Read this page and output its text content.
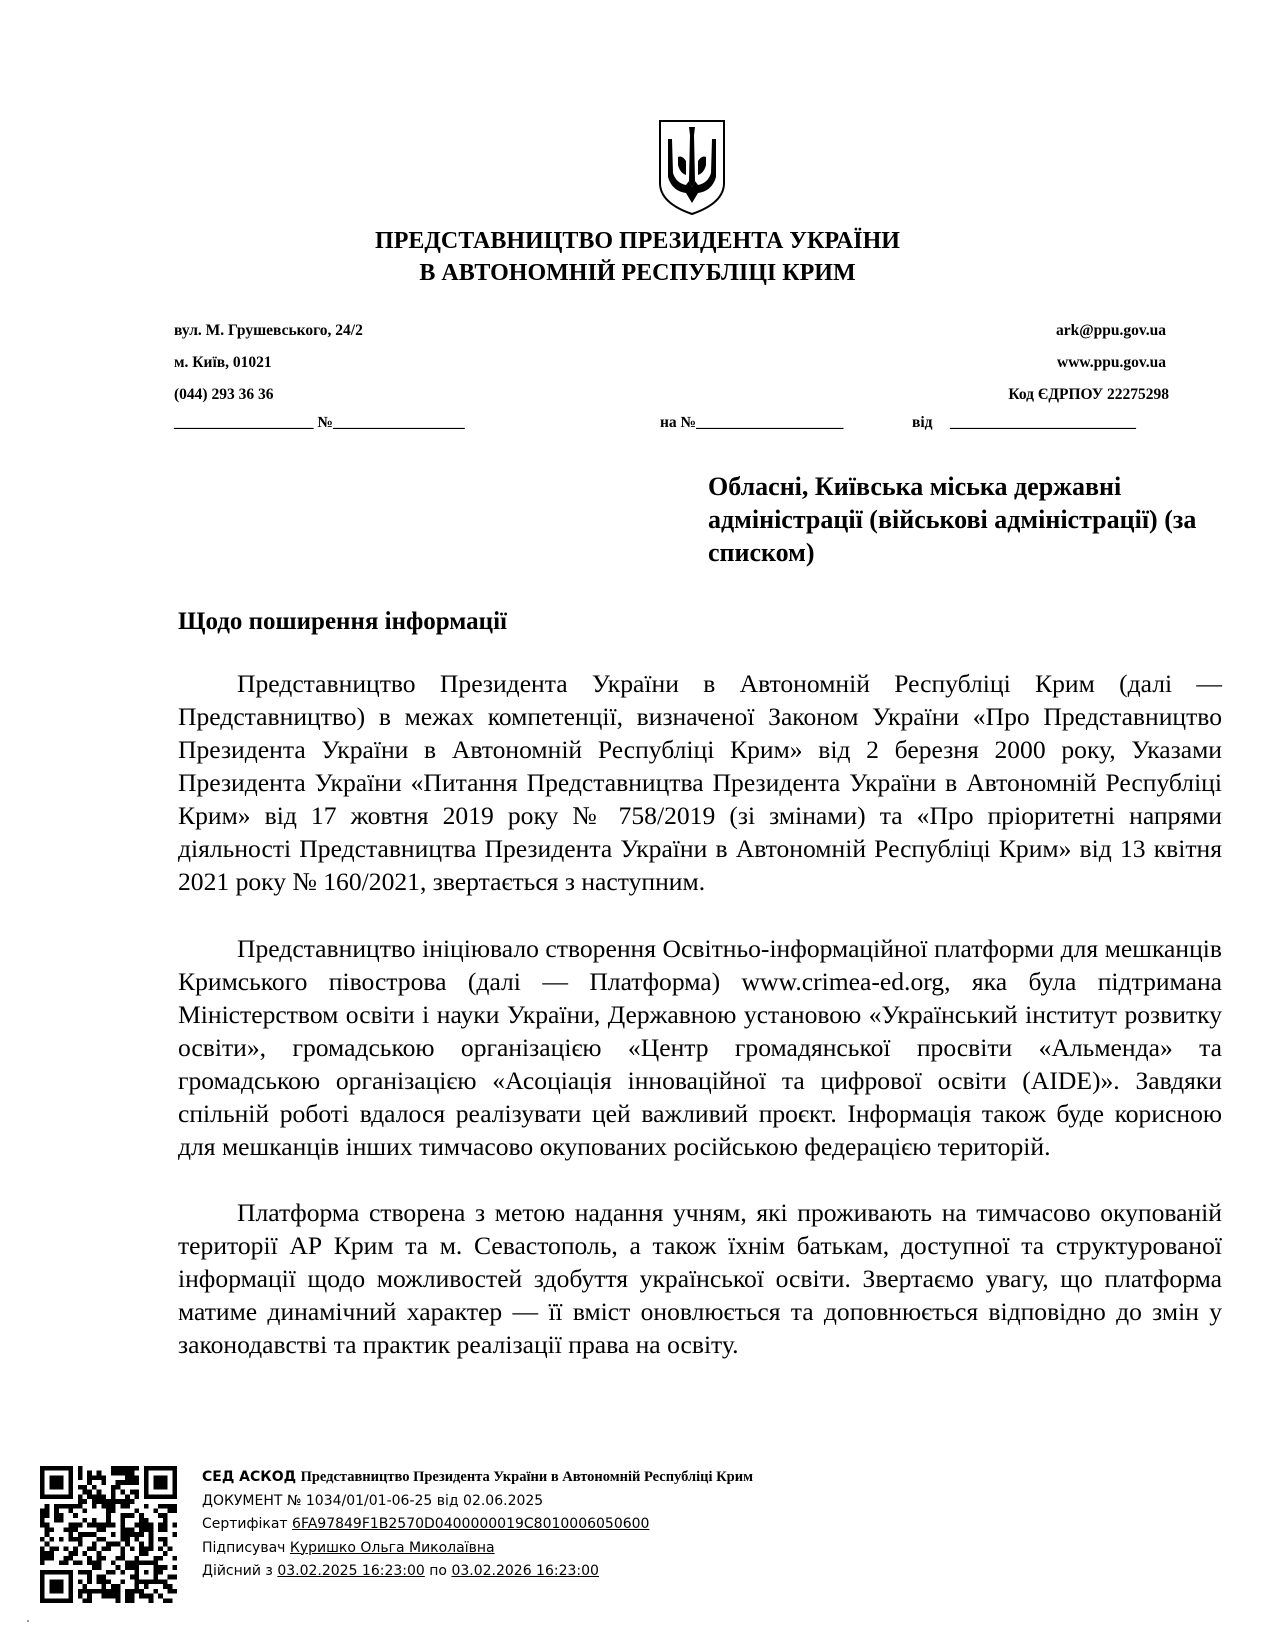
ПРЕДСТАВНИЦТВО ПРЕЗИДЕНТА УКРАЇНИ
В АВТОНОМНІЙ РЕСПУБЛІЦІ КРИМ
вул. М. Грушевського, 24/2
м. Київ, 01021
(044) 293 36 36
ark@ppu.gov.ua
www.ppu.gov.ua
Код ЄДРПОУ 22275298
__________________ №_________________	на №___________________	від ________________________
Обласні, Київська міська державні адміністрації (військові адміністрації) (за списком)
Щодо поширення інформації

Представництво Президента України в Автономній Республіці Крим (далі — Представництво) в межах компетенції, визначеної Законом України «Про Представництво Президента України в Автономній Республіці Крим» від 2 березня 2000 року, Указами Президента України «Питання Представництва Президента України в Автономній Республіці Крим» від 17 жовтня 2019 року № 758/2019 (зі змінами) та «Про пріоритетні напрями діяльності Представництва Президента України в Автономній Республіці Крим» від 13 квітня 2021 року № 160/2021, звертається з наступним.

Представництво ініціювало створення Освітньо-інформаційної платформи для мешканців Кримського півострова (далі — Платформа) www.crimea-ed.org, яка була підтримана Міністерством освіти і науки України, Державною установою «Український інститут розвитку освіти», громадською організацією «Центр громадянської просвіти «Альменда» та громадською організацією «Асоціація інноваційної та цифрової освіти (AIDE)». Завдяки спільній роботі вдалося реалізувати цей важливий проєкт. Інформація також буде корисною для мешканців інших тимчасово окупованих російською федерацією територій.

Платформа створена з метою надання учням, які проживають на тимчасово окупованій території АР Крим та м. Севастополь, а також їхнім батькам, доступної та структурованої інформації щодо можливостей здобуття української освіти. Звертаємо увагу, що платформа матиме динамічний характер — її вміст оновлюється та доповнюється відповідно до змін у законодавстві та практик реалізації права на освіту.

СЕД АСКОД Представництво Президента України в Автономній Республіці Крим
ДОКУМЕНТ № 1034/01/01-06-25 від 02.06.2025
Сертифікат 6FA97849F1B2570D0400000019C8010006050600
Підписувач Куришко Ольга Миколаївна
Дійсний з 03.02.2025 16:23:00 по 03.02.2026 16:23:00
